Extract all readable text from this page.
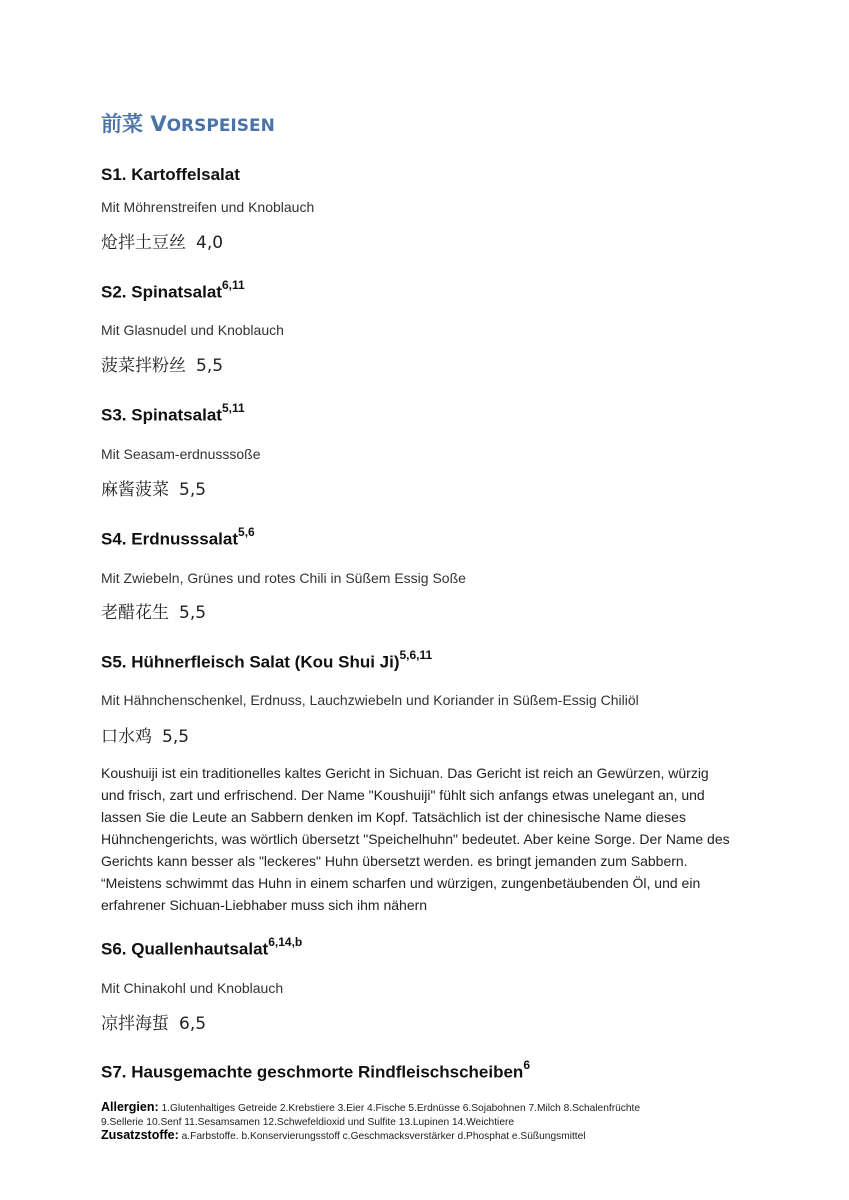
前菜 VORSPEISEN
S1. Kartoffelsalat
Mit Möhrenstreifen und Knoblauch
炝拌土豆丝 4,0
S2. Spinatsalat$^{6,11}$
Mit Glasnudel und Knoblauch
菠菜拌粉丝 5,5
S3. Spinatsalat$^{5,11}$
Mit Seasam-erdnusssoße
麻酱菠菜 5,5
S4. Erdnusssalat$^{5,6}$
Mit Zwiebeln, Grünes und rotes Chili in Süßem Essig Soße
老醋花生 5,5
S5. Hühnerfleisch Salat (Kou Shui Ji)$^{5,6,11}$
Mit Hähnchenschenkel, Erdnuss, Lauchzwiebeln und Koriander in Süßem-Essig Chiliöl
口水鸡 5,5
Koushuiji ist ein traditionelles kaltes Gericht in Sichuan. Das Gericht ist reich an Gewürzen, würzig
und frisch, zart und erfrischend. Der Name "Koushuiji" fühlt sich anfangs etwas unelegant an, und
lassen Sie die Leute an Sabbern denken im Kopf. Tatsächlich ist der chinesische Name dieses
Hühnchengerichts, was wörtlich übersetzt "Speichelhuhn" bedeutet. Aber keine Sorge. Der Name des
Gerichts kann besser als "leckeres" Huhn übersetzt werden. es bringt jemanden zum Sabbern.
“Meistens schwimmt das Huhn in einem scharfen und würzigen, zungenbetäubenden Öl, und ein
erfahrener Sichuan-Liebhaber muss sich ihm nähern
S6. Quallenhautsalat$^{6,14,b}$
Mit Chinakohl und Knoblauch
凉拌海蜇 6,5
S7. Hausgemachte geschmorte Rindfleischscheiben$^6$
Allergien: 1.Glutenhaltiges Getreide 2.Krebstiere 3.Eier 4.Fische 5.Erdnüsse 6.Sojabohnen 7.Milch 8.Schalenfrüchte
9.Sellerie 10.Senf 11.Sesamsamen 12.Schwefeldioxid und Sulfite 13.Lupinen 14.Weichtiere
Zusatzstoffe: a.Farbstoffe. b.Konservierungsstoff c.Geschmacksverstärker d.Phosphat e.Süßungsmittel
